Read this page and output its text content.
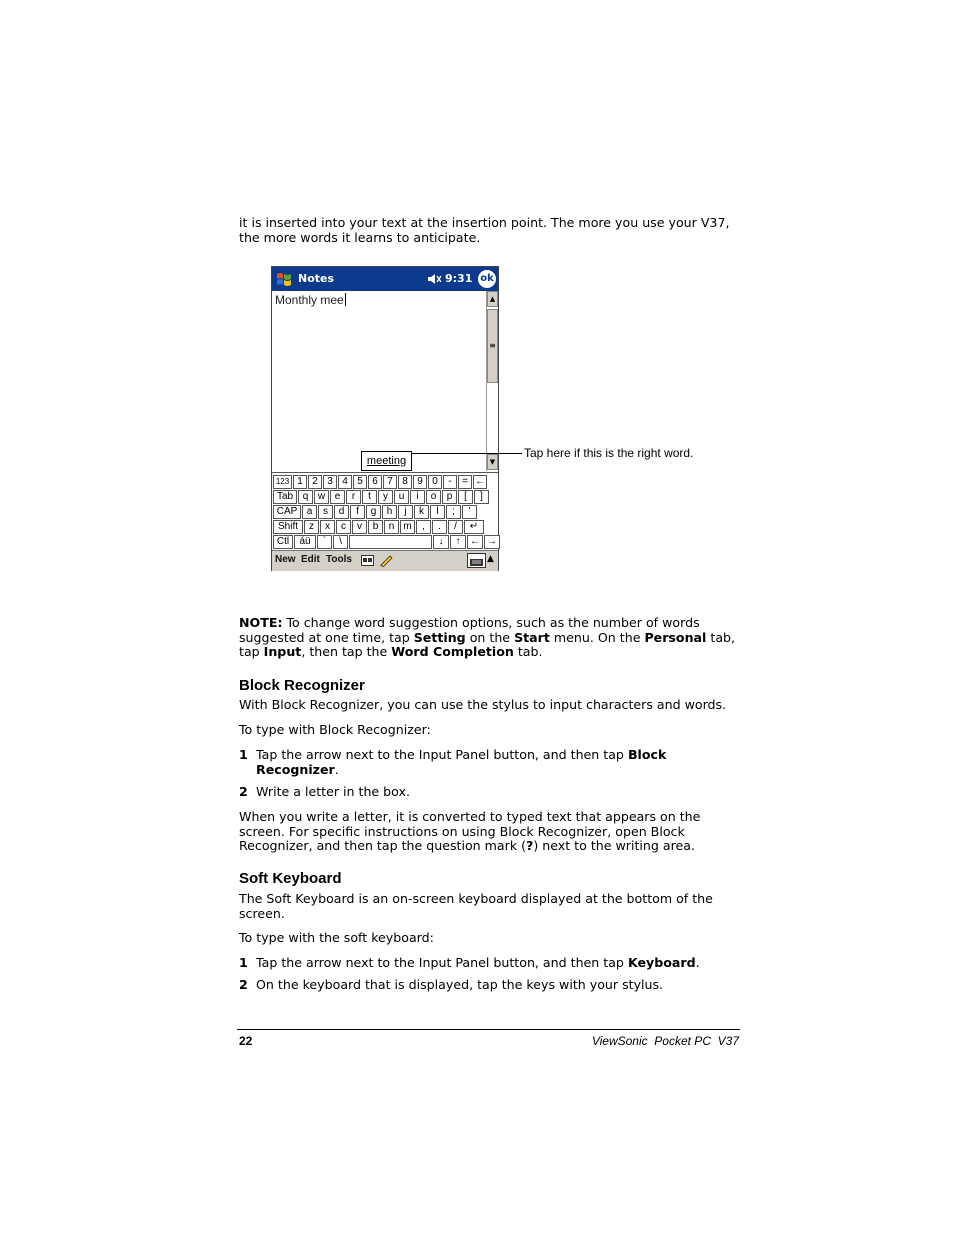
it is inserted into your text at the insertion point. The more you use your V37, the more words it learns to anticipate.

Notes	9:31 ok
Monthly mee	▲
≡
▼
meeting
123 1 2 3 4 5 6 7 8 9 0	-	= ←
Tab q w e	r	t	y	u	i	o	p	[	]
CAP a	s	d	f	g	h	j	k	l	;	'
Shift	z	x	c	v	b	n m	,	.	/	↵
Ctl	áü	`	\	↓	↑ ← →
New Edit Tools	▲
Tap here if this is the right word.

NOTE: To change word suggestion options, such as the number of words suggested at one time, tap Setting on the Start menu. On the Personal tab, tap Input, then tap the Word Completion tab.

Block Recognizer

With Block Recognizer, you can use the stylus to input characters and words.

To type with Block Recognizer:

1 Tap the arrow next to the Input Panel button, and then tap Block Recognizer.
2 Write a letter in the box.

When you write a letter, it is converted to typed text that appears on the screen. For specific instructions on using Block Recognizer, open Block Recognizer, and then tap the question mark (?) next to the writing area.

Soft Keyboard

The Soft Keyboard is an on-screen keyboard displayed at the bottom of the screen.

To type with the soft keyboard:

1 Tap the arrow next to the Input Panel button, and then tap Keyboard.
2 On the keyboard that is displayed, tap the keys with your stylus.
22	ViewSonic  Pocket PC  V37
